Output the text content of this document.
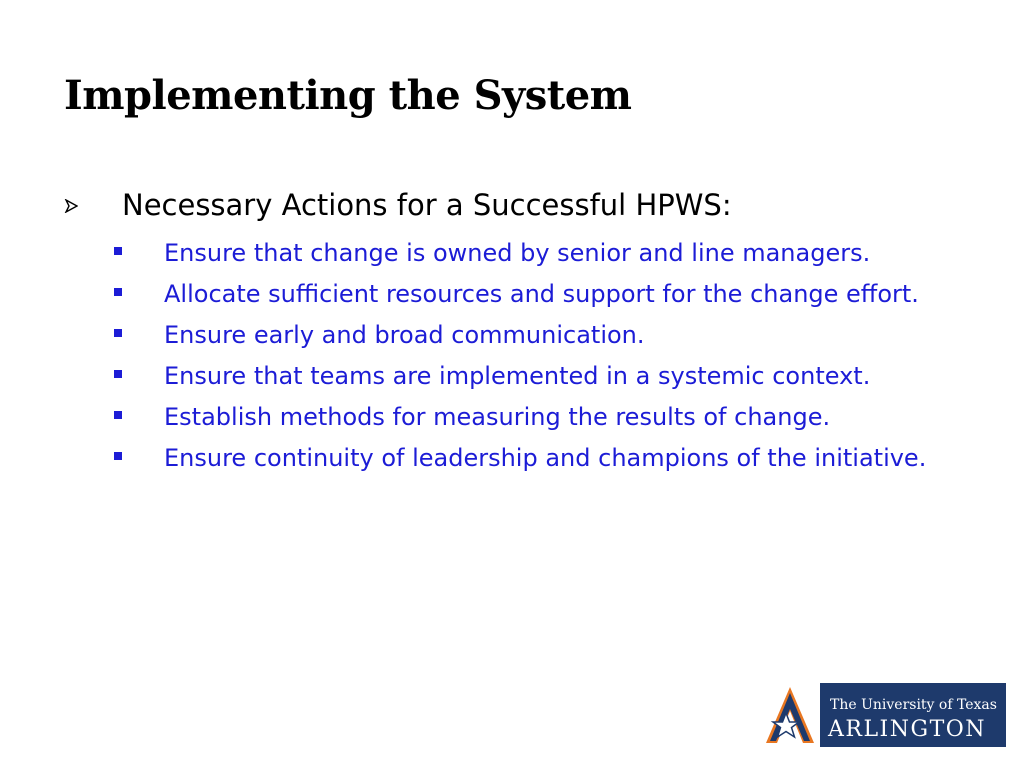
Implementing the System
Necessary Actions for a Successful HPWS:
Ensure that change is owned by senior and line managers.
Allocate sufficient resources and support for the change effort.
Ensure early and broad communication.
Ensure that teams are implemented in a systemic context.
Establish methods for measuring the results of change.
Ensure continuity of leadership and champions of the initiative.
The University of Texas
ARLINGTON
